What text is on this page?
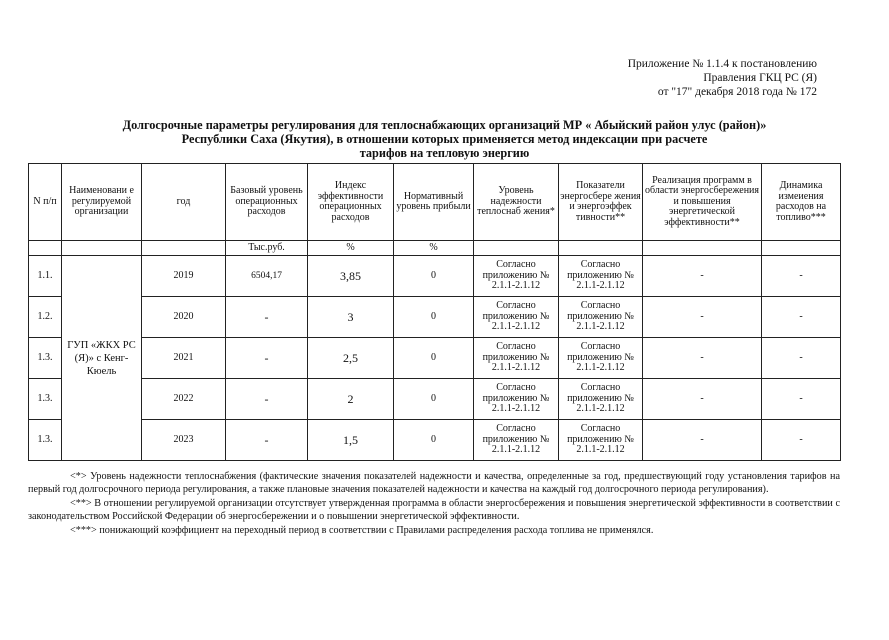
Приложение № 1.1.4 к постановлению
Правления ГКЦ РС (Я)
от "17" декабря 2018 года № 172
Долгосрочные параметры регулирования для теплоснабжающих организаций МР « Абыйский район улус (район)»
Республики Саха (Якутия), в отношении которых применяется метод индексации при расчете
тарифов на тепловую энергию
N п/п	Наименовани е регулируемой организации	год	Базовый уровень операционных расходов	Индекс эффективности операционных расходов	Нормативный уровень прибыли	Уровень надежности теплоснаб жения*	Показатели энергосбере жения и энергоэффек тивности**	Реализация программ в области энергосбережения и повышения энергетической эффективности**	Динамика измеиения расходов на топливо***
			Тыс.руб.	%	%				
1.1.	ГУП «ЖКХ РС (Я)» с Кенг-Кюель	2019	6504,17	3,85	0	Согласно приложению № 2.1.1-2.1.12	Согласно приложению № 2.1.1-2.1.12	-	-
1.2.		2020	-	3	0	Согласно приложению № 2.1.1-2.1.12	Согласно приложению № 2.1.1-2.1.12	-	-
1.3.		2021	-	2,5	0	Согласно приложению № 2.1.1-2.1.12	Согласно приложению № 2.1.1-2.1.12	-	-
1.3.		2022	-	2	0	Согласно приложению № 2.1.1-2.1.12	Согласно приложению № 2.1.1-2.1.12	-	-
1.3.		2023	-	1,5	0	Согласно приложению № 2.1.1-2.1.12	Согласно приложению № 2.1.1-2.1.12	-	-

<*> Уровень надежности теплоснабжения (фактические значения показателей надежности и качества, определенные за год, предшествующий году установления тарифов на первый год долгосрочного периода регулирования, а также плановые значения показателей надежности и качества на каждый год долгосрочного периода регулирования).

<**> В отношении регулируемой организации отсутствует утвержденная программа в области энергосбережения и повышения энергетической эффективности в соответствии с законодательством Российской Федерации об энергосбережении и о повышении энергетической эффективности.

<***> понижающий коэффициент на переходный период в соответствии с Правилами распределения расхода топлива не применялся.
